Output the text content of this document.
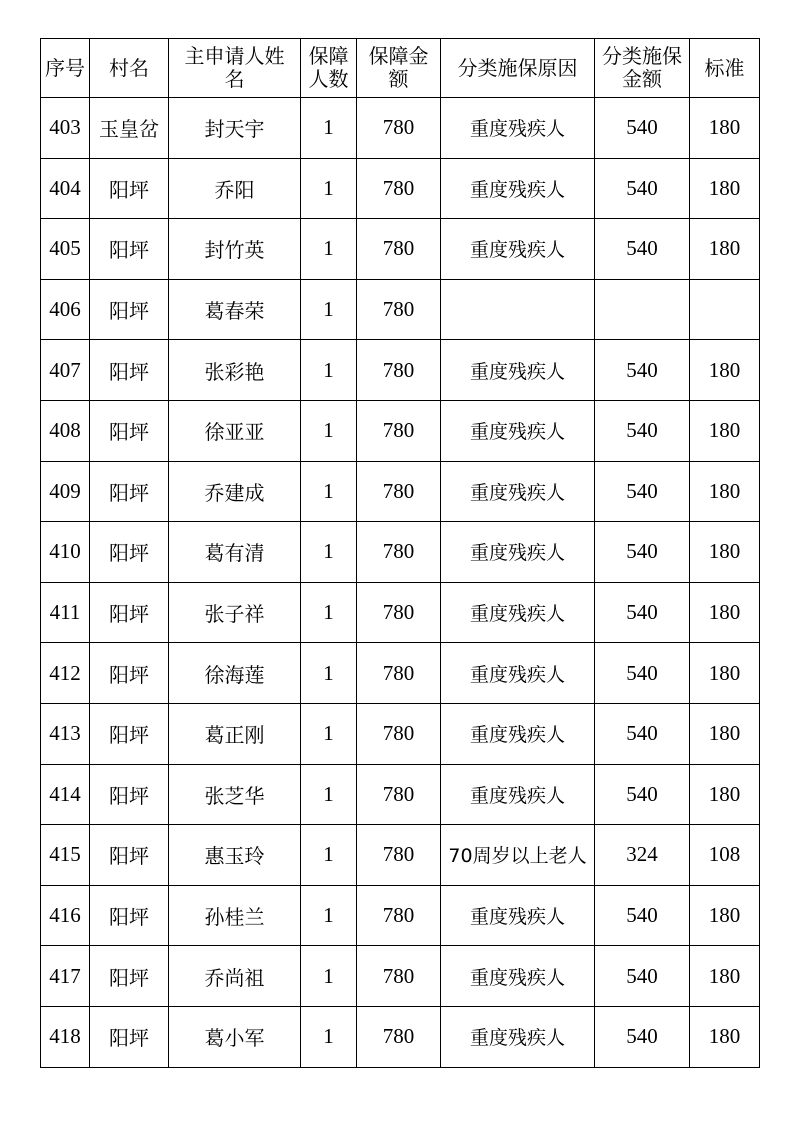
序号	村名	主申请人姓名	保障人数	保障金额	分类施保原因	分类施保金额	标准
403	玉皇岔	封天宇	1	780	重度残疾人	540	180
404	阳坪	乔阳	1	780	重度残疾人	540	180
405	阳坪	封竹英	1	780	重度残疾人	540	180
406	阳坪	葛春荣	1	780			
407	阳坪	张彩艳	1	780	重度残疾人	540	180
408	阳坪	徐亚亚	1	780	重度残疾人	540	180
409	阳坪	乔建成	1	780	重度残疾人	540	180
410	阳坪	葛有清	1	780	重度残疾人	540	180
411	阳坪	张子祥	1	780	重度残疾人	540	180
412	阳坪	徐海莲	1	780	重度残疾人	540	180
413	阳坪	葛正刚	1	780	重度残疾人	540	180
414	阳坪	张芝华	1	780	重度残疾人	540	180
415	阳坪	惠玉玲	1	780	70周岁以上老人	324	108
416	阳坪	孙桂兰	1	780	重度残疾人	540	180
417	阳坪	乔尚祖	1	780	重度残疾人	540	180
418	阳坪	葛小军	1	780	重度残疾人	540	180
